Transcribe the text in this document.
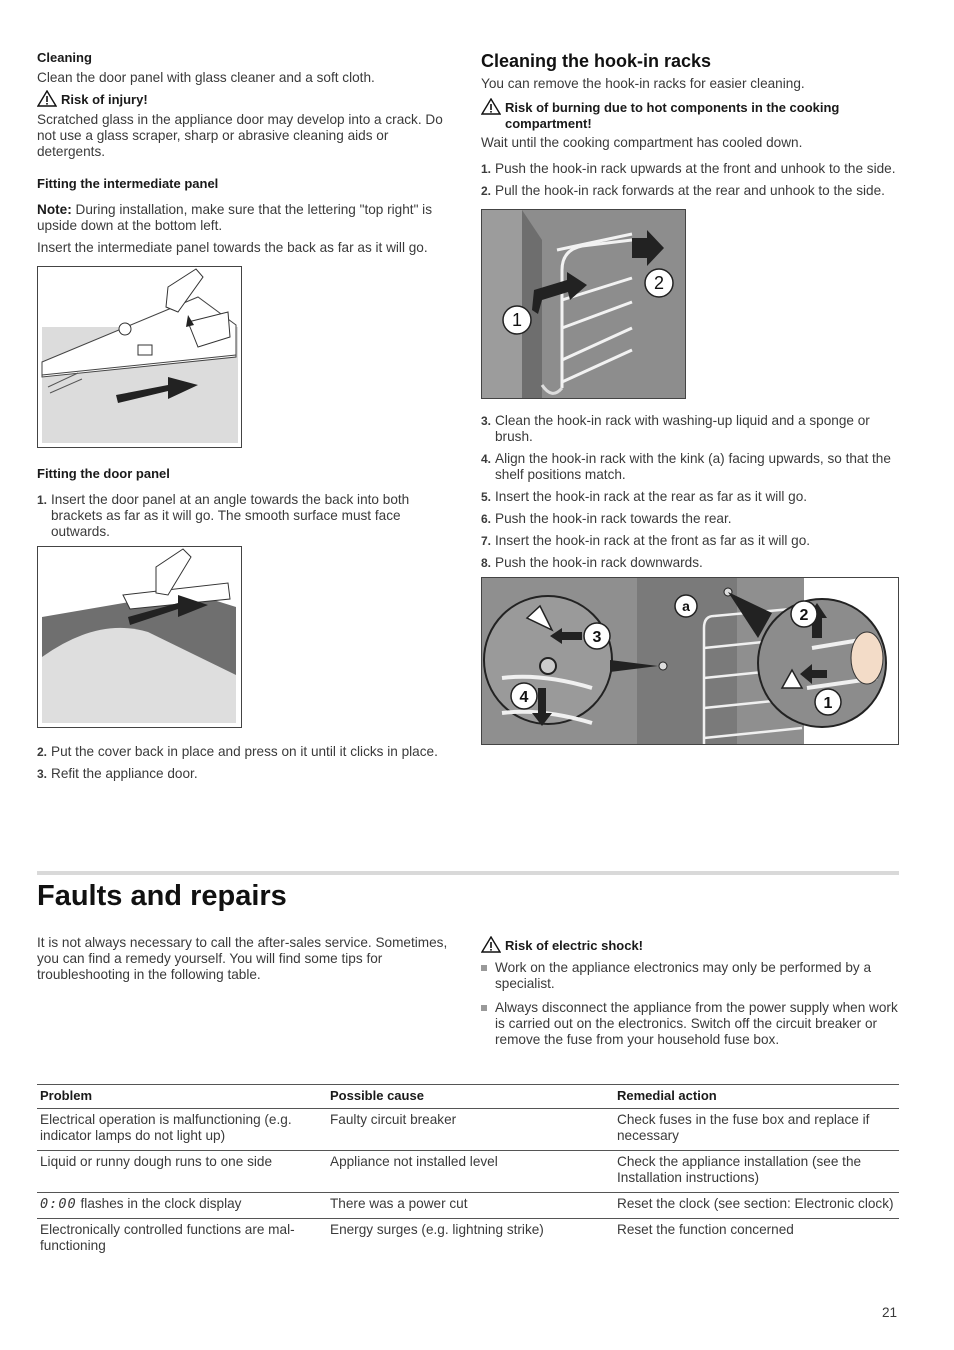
Cleaning

Clean the door panel with glass cleaner and a soft cloth.

Risk of injury!

Scratched glass in the appliance door may develop into a crack. Do not use a glass scraper, sharp or abrasive cleaning aids or detergents.

Fitting the intermediate panel

Note: During installation, make sure that the lettering "top right" is upside down at the bottom left.

Insert the intermediate panel towards the back as far as it will go.

Fitting the door panel

1. Insert the door panel at an angle towards the back into both brackets as far as it will go. The smooth surface must face outwards.
2. Put the cover back in place and press on it until it clicks in place.
3. Refit the appliance door.

Cleaning the hook-in racks

You can remove the hook-in racks for easier cleaning.

Risk of burning due to hot components in the cooking compartment!

Wait until the cooking compartment has cooled down.

1. Push the hook-in rack upwards at the front and unhook to the side.
2. Pull the hook-in rack forwards at the rear and unhook to the side.
1
2
3. Clean the hook-in rack with washing-up liquid and a sponge or brush.
4. Align the hook-in rack with the kink (a) facing upwards, so that the shelf positions match.
5. Insert the hook-in rack at the rear as far as it will go.
6. Push the hook-in rack towards the rear.
7. Insert the hook-in rack at the front as far as it will go.
8. Push the hook-in rack downwards.
3
4
a
2
1
Faults and repairs

It is not always necessary to call the after-sales service. Sometimes, you can find a remedy yourself. You will find some tips for troubleshooting in the following table.

Risk of electric shock!
Work on the appliance electronics may only be performed by a specialist.
Always disconnect the appliance from the power supply when work is carried out on the electronics. Switch off the circuit breaker or remove the fuse from your household fuse box.
Problem	Possible cause	Remedial action
Electrical operation is malfunctioning (e.g. indicator lamps do not light up)	Faulty circuit breaker	Check fuses in the fuse box and replace if necessary
Liquid or runny dough runs to one side	Appliance not installed level	Check the appliance installation (see the Installation instructions)
0:00 flashes in the clock display	There was a power cut	Reset the clock (see section: Electronic clock)
Electronically controlled functions are mal-functioning	Energy surges (e.g. lightning strike)	Reset the function concerned
21
